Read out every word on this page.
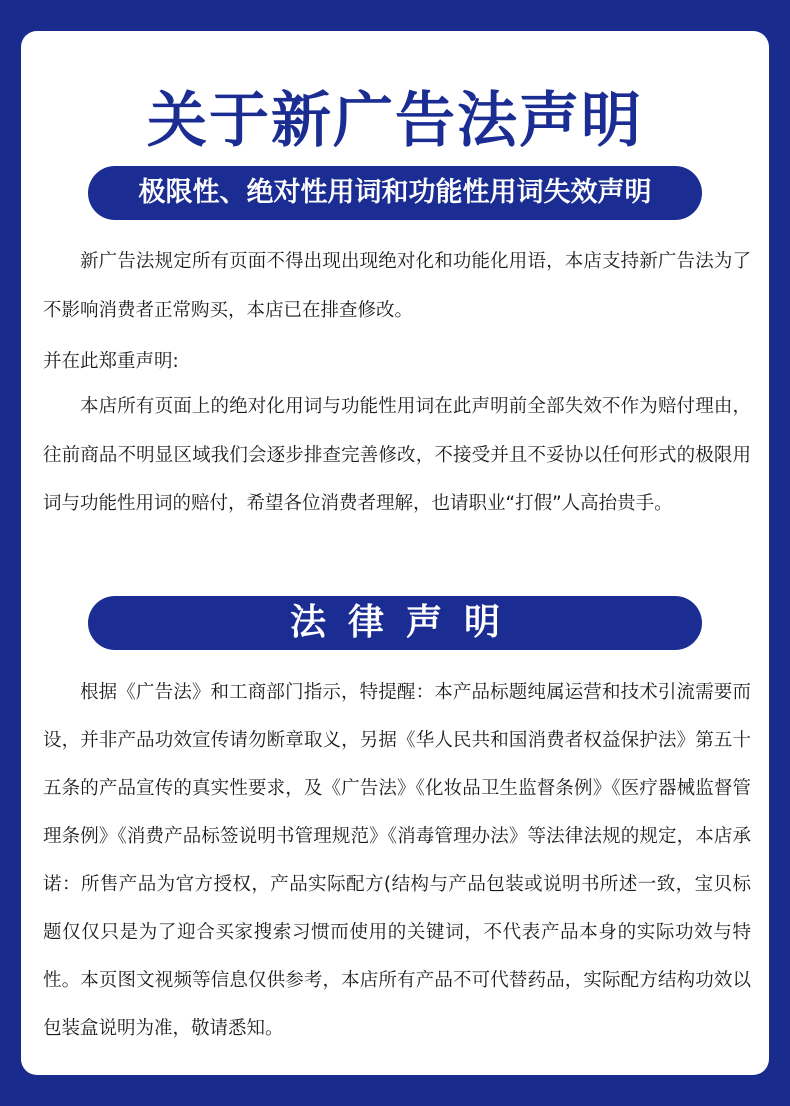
关于新广告法声明
极限性、绝对性用词和功能性用词失效声明

新广告法规定所有页面不得出现出现绝对化和功能化用语，本店支持新广告法为了不影响消费者正常购买，本店已在排查修改。

并在此郑重声明:

本店所有页面上的绝对化用词与功能性用词在此声明前全部失效不作为赔付理由，往前商品不明显区域我们会逐步排查完善修改，不接受并且不妥协以任何形式的极限用词与功能性用词的赔付，希望各位消费者理解，也请职业“打假”人高抬贵手。

法律声明

根据《广告法》和工商部门指示，特提醒：本产品标题纯属运营和技术引流需要而设，并非产品功效宣传请勿断章取义，另据《华人民共和国消费者权益保护法》第五十五条的产品宣传的真实性要求，及《广告法》《化妆品卫生监督条例》《医疗器械监督管理条例》《消费产品标签说明书管理规范》《消毒管理办法》等法律法规的规定，本店承诺：所售产品为官方授权，产品实际配方(结构与产品包装或说明书所述一致，宝贝标题仅仅只是为了迎合买家搜索习惯而使用的关键词，不代表产品本身的实际功效与特性。本页图文视频等信息仅供参考，本店所有产品不可代替药品，实际配方结构功效以包装盒说明为准，敬请悉知。
